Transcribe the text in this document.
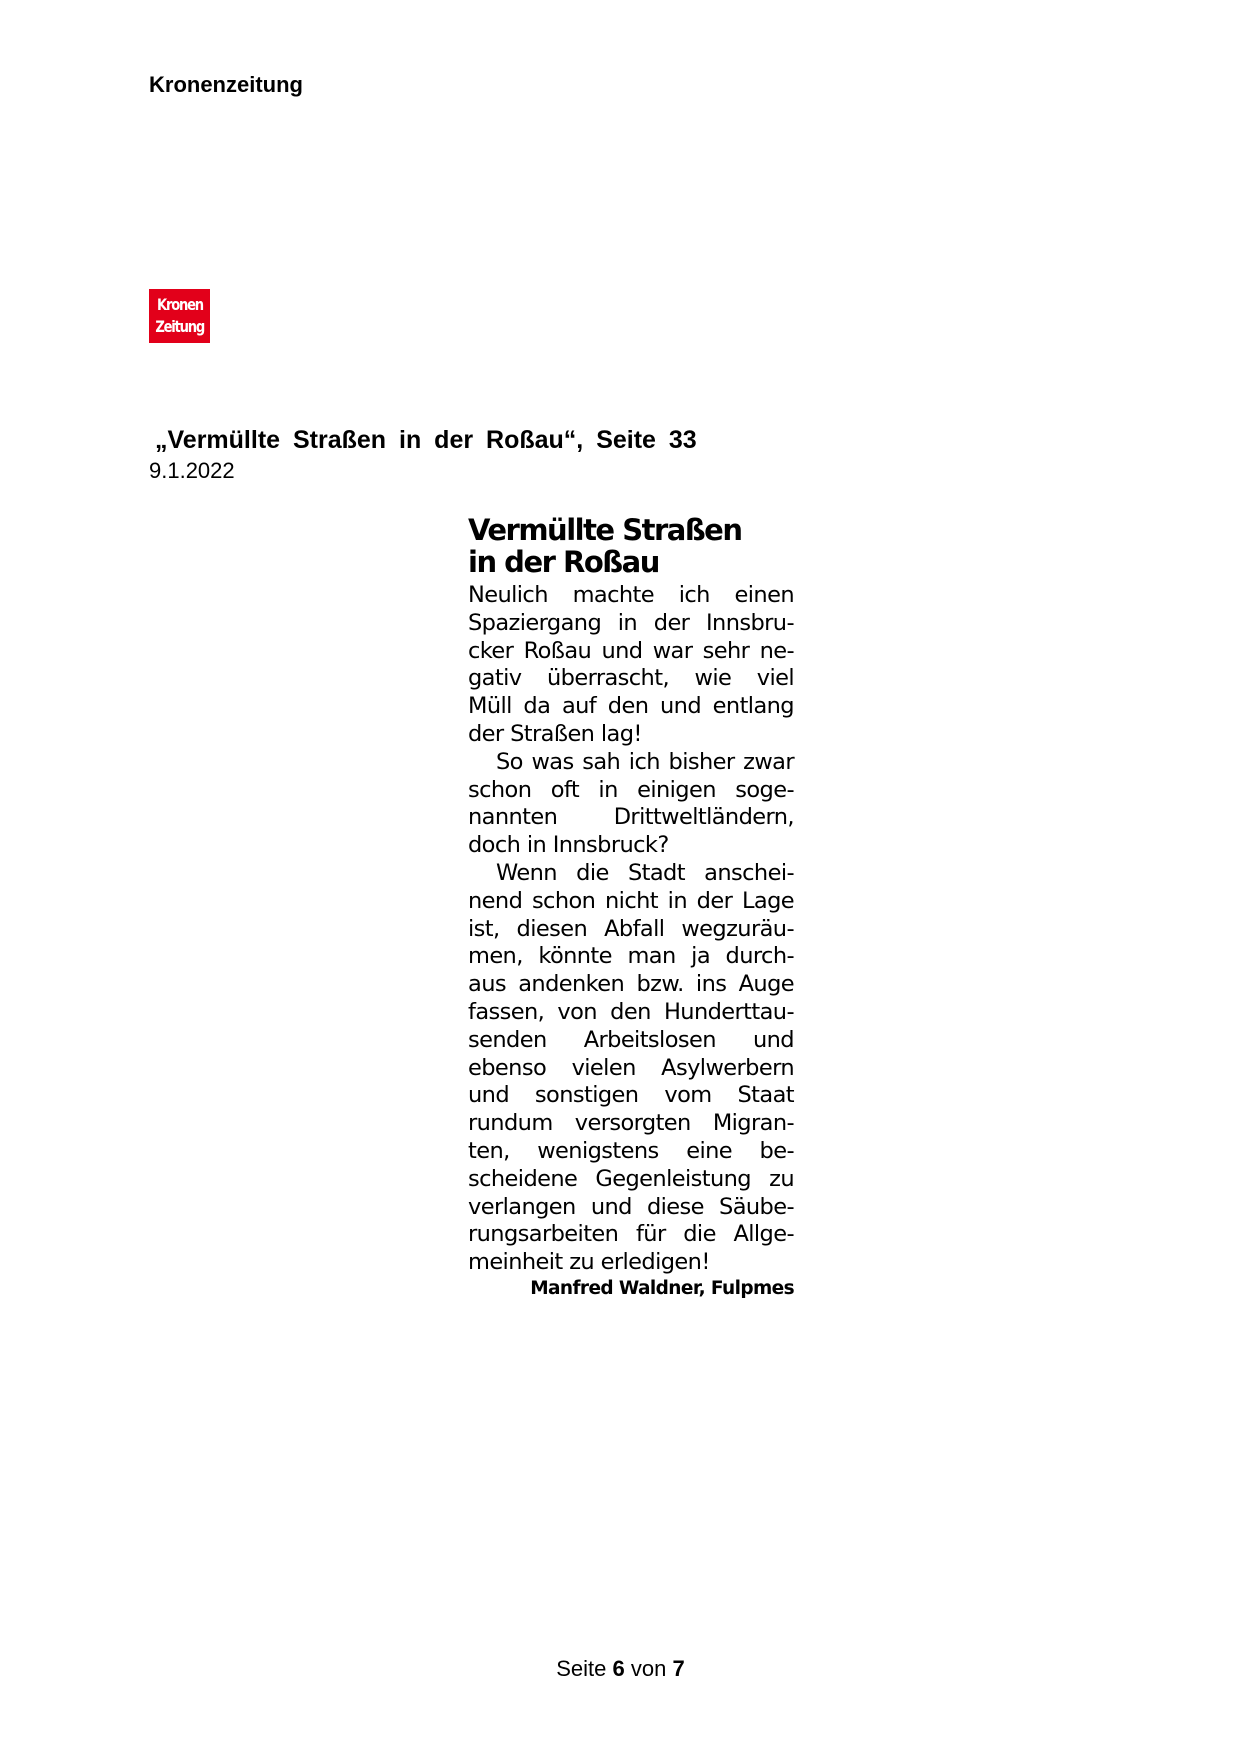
Kronenzeitung
Kronen
Zeitung
„Vermüllte Straßen in der Roßau“, Seite 33
9.1.2022
Vermüllte Straßen
in der Roßau
Neulich machte ich einen
Spaziergang in der Innsbru-
cker Roßau und war sehr ne-
gativ überrascht, wie viel
Müll da auf den und entlang
der Straßen lag!
So was sah ich bisher zwar
schon oft in einigen soge-
nannten Drittweltländern,
doch in Innsbruck?
Wenn die Stadt anschei-
nend schon nicht in der Lage
ist, diesen Abfall wegzuräu-
men, könnte man ja durch-
aus andenken bzw. ins Auge
fassen, von den Hunderttau-
senden Arbeitslosen und
ebenso vielen Asylwerbern
und sonstigen vom Staat
rundum versorgten Migran-
ten, wenigstens eine be-
scheidene Gegenleistung zu
verlangen und diese Säube-
rungsarbeiten für die Allge-
meinheit zu erledigen!
Manfred Waldner, Fulpmes
Seite 6 von 7
